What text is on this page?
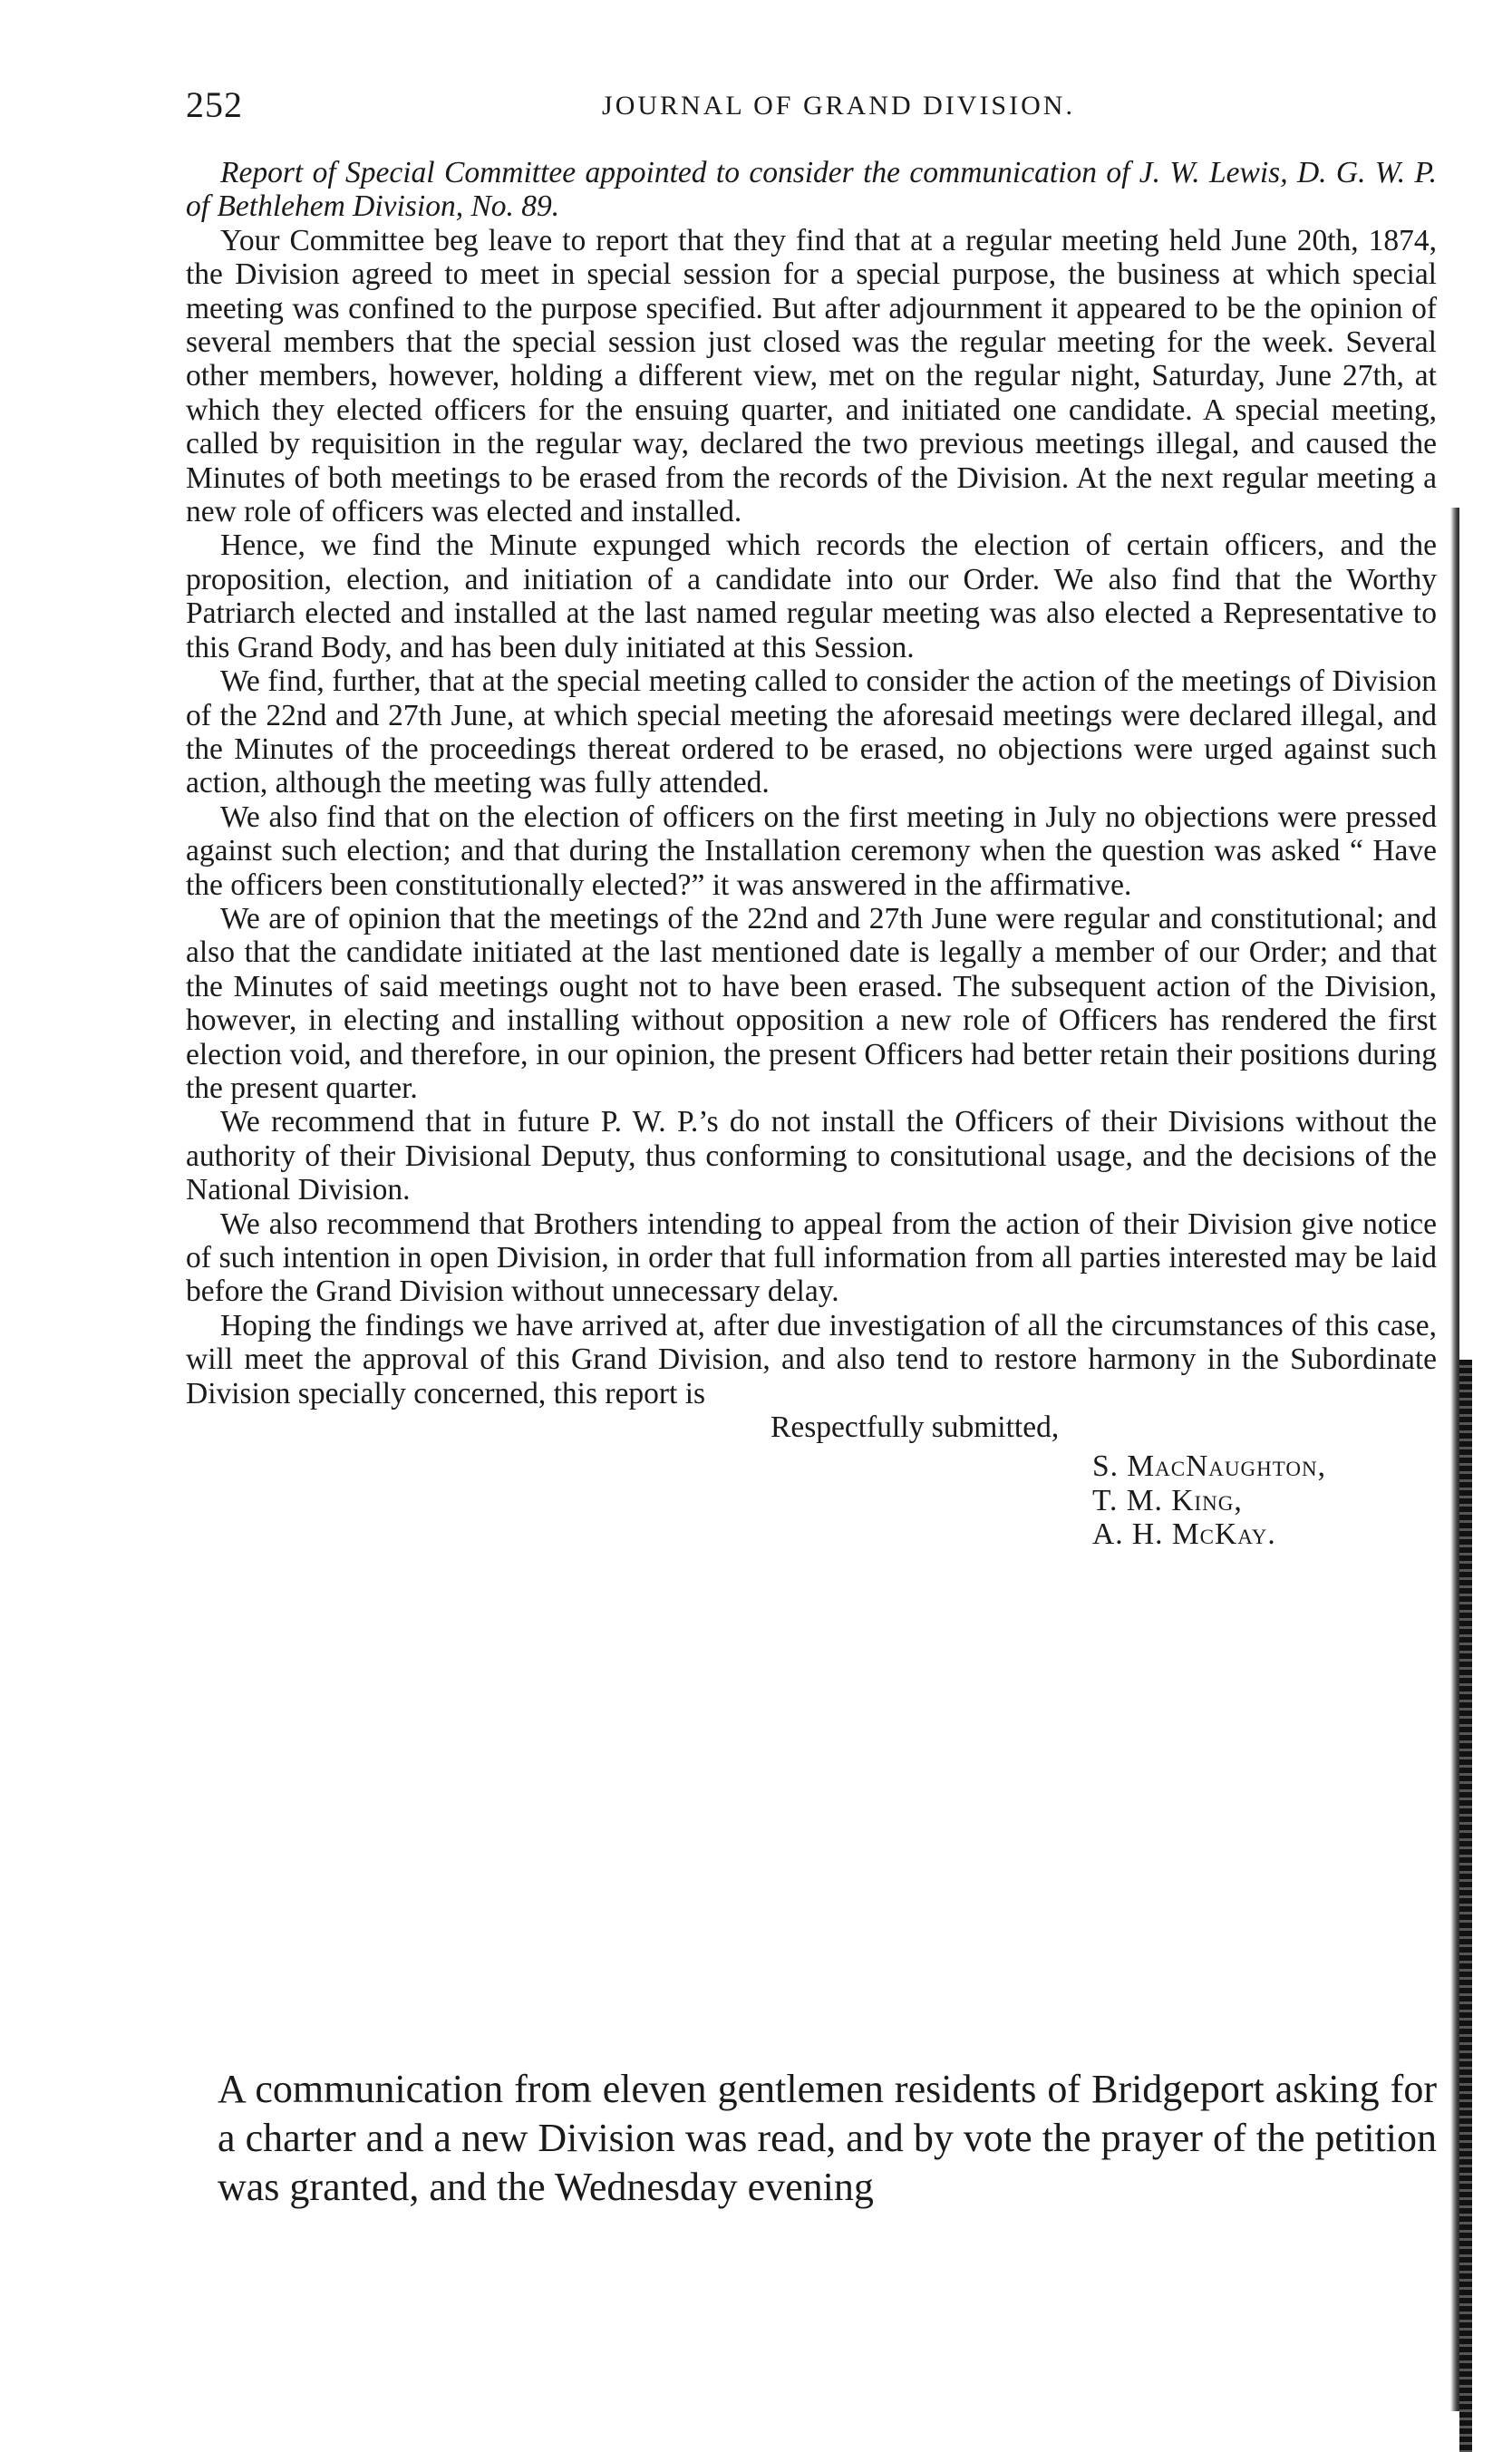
252	JOURNAL OF GRAND DIVISION.

Report of Special Committee appointed to consider the communication of J. W. Lewis, D. G. W. P. of Bethlehem Division, No. 89.

Your Committee beg leave to report that they find that at a regular meeting held June 20th, 1874, the Division agreed to meet in special session for a special purpose, the business at which special meeting was confined to the purpose specified. But after adjournment it appeared to be the opinion of several members that the special session just closed was the regular meeting for the week. Several other members, however, holding a different view, met on the regular night, Saturday, June 27th, at which they elected officers for the ensuing quarter, and initiated one candidate. A special meeting, called by requisition in the regular way, declared the two previous meetings illegal, and caused the Minutes of both meetings to be erased from the records of the Division. At the next regular meeting a new role of officers was elected and installed.

Hence, we find the Minute expunged which records the election of certain officers, and the proposition, election, and initiation of a candidate into our Order. We also find that the Worthy Patriarch elected and installed at the last named regular meeting was also elected a Representative to this Grand Body, and has been duly initiated at this Session.

We find, further, that at the special meeting called to consider the action of the meetings of Division of the 22nd and 27th June, at which special meeting the aforesaid meetings were declared illegal, and the Minutes of the proceedings thereat ordered to be erased, no objections were urged against such action, although the meeting was fully attended.

We also find that on the election of officers on the first meeting in July no objections were pressed against such election; and that during the Installation ceremony when the question was asked “ Have the officers been constitutionally elected?” it was answered in the affirmative.

We are of opinion that the meetings of the 22nd and 27th June were regular and constitutional; and also that the candidate initiated at the last mentioned date is legally a member of our Order; and that the Minutes of said meetings ought not to have been erased. The subsequent action of the Division, however, in electing and installing without opposition a new role of Officers has rendered the first election void, and therefore, in our opinion, the present Officers had better retain their positions during the present quarter.

We recommend that in future P. W. P.’s do not install the Officers of their Divisions without the authority of their Divisional Deputy, thus conforming to consitutional usage, and the decisions of the National Division.

We also recommend that Brothers intending to appeal from the action of their Division give notice of such intention in open Division, in order that full information from all parties interested may be laid before the Grand Division without unnecessary delay.

Hoping the findings we have arrived at, after due investigation of all the circumstances of this case, will meet the approval of this Grand Division, and also tend to restore harmony in the Subordinate Division specially concerned, this report is

Respectfully submitted,
S. MacNaughton,
T. M. King,
A. H. McKay.

A communication from eleven gentlemen residents of Bridgeport asking for a charter and a new Division was read, and by vote the prayer of the petition was granted, and the Wednesday evening
